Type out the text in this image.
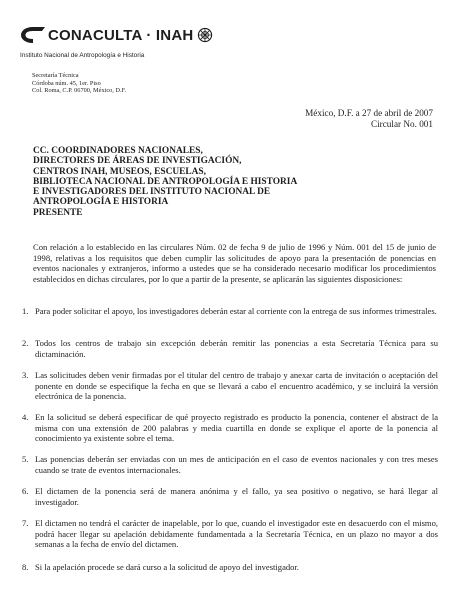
CONACULTA · INAH
Instituto Nacional de Antropología e Historia
Secretaría Técnica
Córdoba núm. 45, 1er. Piso
Col. Roma, C.P. 06700, México, D.F.
México, D.F. a 27 de abril de 2007
Circular No. 001
CC. COORDINADORES NACIONALES,
DIRECTORES DE ÁREAS DE INVESTIGACIÓN,
CENTROS INAH, MUSEOS, ESCUELAS,
BIBLIOTECA NACIONAL DE ANTROPOLOGÍA E HISTORIA
E INVESTIGADORES DEL INSTITUTO NACIONAL DE
ANTROPOLOGÍA E HISTORIA
PRESENTE
Con relación a lo establecido en las circulares Núm. 02 de fecha 9 de julio de 1996 y Núm. 001 del 15 de junio de 1998, relativas a los requisitos que deben cumplir las solicitudes de apoyo para la presentación de ponencias en eventos nacionales y extranjeros, informo a ustedes que se ha considerado necesario modificar los procedimientos establecidos en dichas circulares, por lo que a partir de la presente, se aplicarán las siguientes disposiciones:
1. Para poder solicitar el apoyo, los investigadores deberán estar al corriente con la entrega de sus informes trimestrales.
2. Todos los centros de trabajo sin excepción deberán remitir las ponencias a esta Secretaría Técnica para su dictaminación.
3. Las solicitudes deben venir firmadas por el titular del centro de trabajo y anexar carta de invitación o aceptación del ponente en donde se especifique la fecha en que se llevará a cabo el encuentro académico, y se incluirá la versión electrónica de la ponencia.
4. En la solicitud se deberá especificar de qué proyecto registrado es producto la ponencia, contener el abstract de la misma con una extensión de 200 palabras y media cuartilla en donde se explique el aporte de la ponencia al conocimiento ya existente sobre el tema.
5. Las ponencias deberán ser enviadas con un mes de anticipación en el caso de eventos nacionales y con tres meses cuando se trate de eventos internacionales.
6. El dictamen de la ponencia será de manera anónima y el fallo, ya sea positivo o negativo, se hará llegar al investigador.
7. El dictamen no tendrá el carácter de inapelable, por lo que, cuando el investigador este en desacuerdo con el mismo, podrá hacer llegar su apelación debidamente fundamentada a la Secretaría Técnica, en un plazo no mayor a dos semanas a la fecha de envío del dictamen.
8. Si la apelación procede se dará curso a la solicitud de apoyo del investigador.
